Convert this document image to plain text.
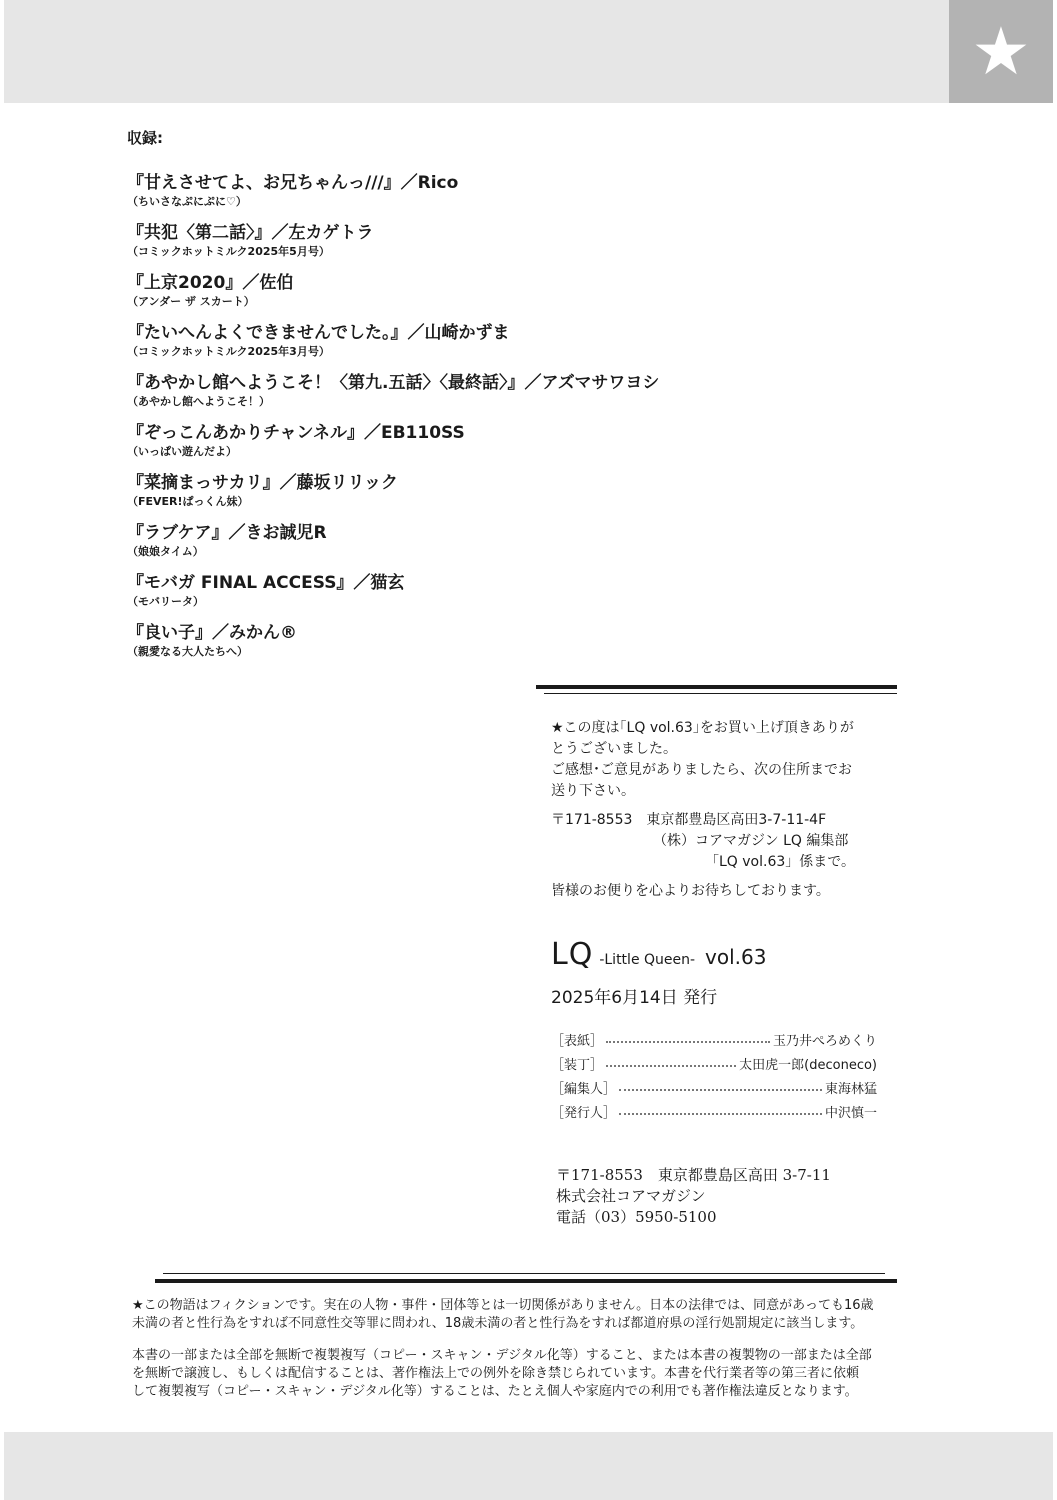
★
収録:
『甘えさせてよ、お兄ちゃんっ///』／Rico
（ちいさなぷにぷに♡）
『共犯〈第二話〉』／左カゲトラ
（コミックホットミルク2025年5月号）
『上京2020』／佐伯
（アンダー ザ スカート）
『たいへんよくできませんでした。』／山崎かずま
（コミックホットミルク2025年3月号）
『あやかし館へようこそ！〈第九.五話〉〈最終話〉』／アズマサワヨシ
（あやかし館へようこそ！）
『ぞっこんあかりチャンネル』／EB110SS
（いっぱい遊んだよ）
『菜摘まっサカリ』／藤坂リリック
（FEVER!ぱっくん妹）
『ラブケア』／きお誠児R
（娘娘タイム）
『モバガ FINAL ACCESS』／猫玄
（モバリータ）
『良い子』／みかん®
（親愛なる大人たちへ）

★この度は｢LQ vol.63｣をお買い上げ頂きありが

とうございました。

ご感想･ご意見がありましたら、次の住所までお

送り下さい。

〒171-8553　東京都豊島区高田3-7-11-4F

（株）コアマガジン LQ 編集部

「LQ vol.63」係まで。

皆様のお便りを心よりお待ちしております。

LQ -Little Queen- vol.63
2025年6月14日 発行
［表紙］	玉乃井ぺろめくり
［装丁］	太田虎一郎(deconeco)
［編集人］	東海林猛
［発行人］	中沢慎一

〒171-8553　東京都豊島区高田 3-7-11

株式会社コアマガジン

電話（03）5950-5100

★この物語はフィクションです。実在の人物・事件・団体等とは一切関係がありません。日本の法律では、同意があっても16歳

未満の者と性行為をすれば不同意性交等罪に問われ、18歳未満の者と性行為をすれば都道府県の淫行処罰規定に該当します。

本書の一部または全部を無断で複製複写（コピー・スキャン・デジタル化等）すること、または本書の複製物の一部または全部

を無断で譲渡し、もしくは配信することは、著作権法上での例外を除き禁じられています。本書を代行業者等の第三者に依頼

して複製複写（コピー・スキャン・デジタル化等）することは、たとえ個人や家庭内での利用でも著作権法違反となります。
